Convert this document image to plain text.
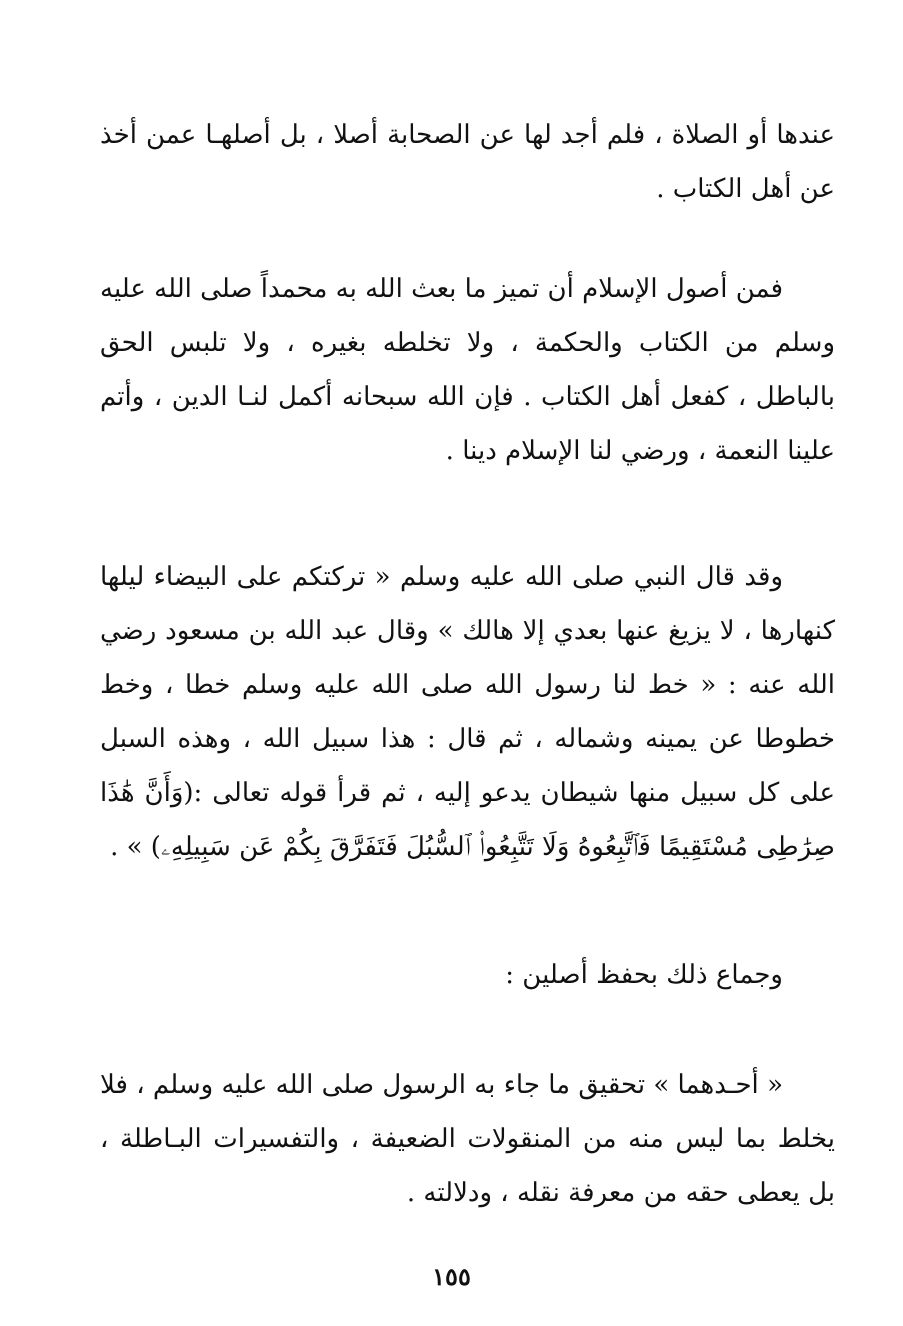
عندها أو الصلاة ، فلم أجد لها عن الصحابة أصلا ، بل أصلهـا عمن أخذ عن أهل الكتاب .

فمن أصول الإسلام أن تميز ما بعث الله به محمداً صلى الله عليه وسلم من الكتاب والحكمة ، ولا تخلطه بغيره ، ولا تلبس الحق بالباطل ، كفعل أهل الكتاب . فإن الله سبحانه أكمل لنـا الدين ، وأتم علينا النعمة ، ورضي لنا الإسلام دينا .

وقد قال النبي صلى الله عليه وسلم « تركتكم على البيضاء ليلها كنهارها ، لا يزيغ عنها بعدي إلا هالك » وقال عبد الله بن مسعود رضي الله عنه : « خط لنا رسول الله صلى الله عليه وسلم خطا ، وخط خطوطا عن يمينه وشماله ، ثم قال : هذا سبيل الله ، وهذه السبل على كل سبيل منها شيطان يدعو إليه ، ثم قرأ قوله تعالى :(وَأَنَّ هَٰذَا صِرَٰطِى مُسْتَقِيمًا فَٱتَّبِعُوهُ وَلَا تَتَّبِعُوا۟ ٱلسُّبُلَ فَتَفَرَّقَ بِكُمْ عَن سَبِيلِهِۦ) » .

وجماع ذلك بحفظ أصلين :

« أحـدهما » تحقيق ما جاء به الرسول صلى الله عليه وسلم ، فلا يخلط بما ليس منه من المنقولات الضعيفة ، والتفسيرات البـاطلة ، بل يعطى حقه من معرفة نقله ، ودلالته .

١٥٥
